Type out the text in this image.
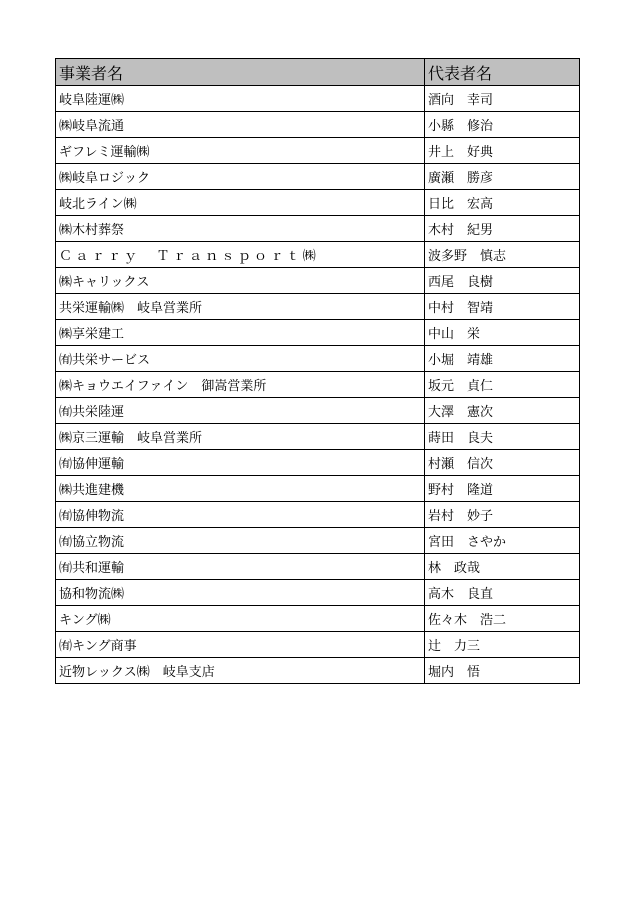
事業者名	代表者名
岐阜陸運㈱	酒向　幸司
㈱岐阜流通	小縣　修治
ギフレミ運輸㈱	井上　好典
㈱岐阜ロジック	廣瀬　勝彦
岐北ライン㈱	日比　宏高
㈱木村葬祭	木村　紀男
Ｃａｒｒｙ　Ｔｒａｎｓｐｏｒｔ㈱	波多野　慎志
㈱キャリックス	西尾　良樹
共栄運輸㈱　岐阜営業所	中村　智靖
㈱享栄建工	中山　栄
㈲共栄サービス	小堀　靖雄
㈱キョウエイファイン　御嵩営業所	坂元　貞仁
㈲共栄陸運	大澤　憲次
㈱京三運輸　岐阜営業所	蒔田　良夫
㈲協伸運輸	村瀬　信次
㈱共進建機	野村　隆道
㈲協伸物流	岩村　妙子
㈲協立物流	宮田　さやか
㈲共和運輸	林　政哉
協和物流㈱	高木　良直
キング㈱	佐々木　浩二
㈲キング商事	辻　力三
近物レックス㈱　岐阜支店	堀内　悟
